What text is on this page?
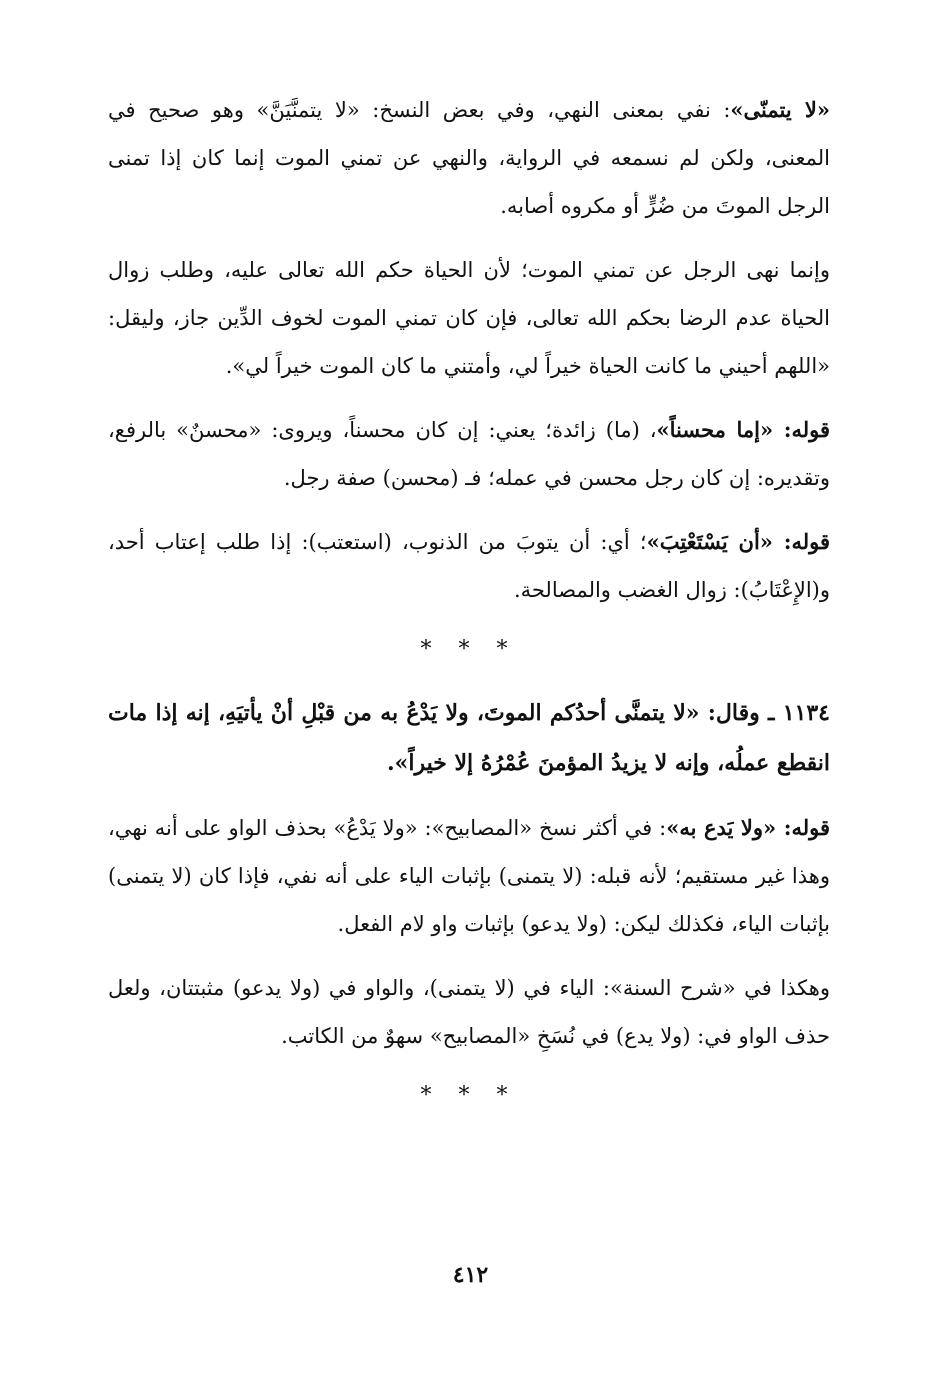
«لا يتمنّى»: نفي بمعنى النهي، وفي بعض النسخ: «لا يتمنَّيَنَّ» وهو صحيح في المعنى، ولكن لم نسمعه في الرواية، والنهي عن تمني الموت إنما كان إذا تمنى الرجل الموتَ من ضُرٍّ أو مكروه أصابه.

وإنما نهى الرجل عن تمني الموت؛ لأن الحياة حكم الله تعالى عليه، وطلب زوال الحياة عدم الرضا بحكم الله تعالى، فإن كان تمني الموت لخوف الدِّين جاز، وليقل: «اللهم أحيني ما كانت الحياة خيراً لي، وأمتني ما كان الموت خيراً لي».

قوله: «إما محسناً»، (ما) زائدة؛ يعني: إن كان محسناً، ويروى: «محسنٌ» بالرفع، وتقديره: إن كان رجل محسن في عمله؛ فـ (محسن) صفة رجل.

قوله: «أن يَسْتَعْتِبَ»؛ أي: أن يتوبَ من الذنوب، (استعتب): إذا طلب إعتاب أحد، و(الإِعْتَابُ): زوال الغضب والمصالحة.

* * *

١١٣٤ ـ وقال: «لا يتمنَّى أحدُكم الموتَ، ولا يَدْعُ به من قبْلِ أنْ يأتيَهِ، إنه إذا مات انقطع عملُه، وإنه لا يزيدُ المؤمنَ عُمْرُهُ إلا خيراً».

قوله: «ولا يَدع به»: في أكثر نسخ «المصابيح»: «ولا يَدْعُ» بحذف الواو على أنه نهي، وهذا غير مستقيم؛ لأنه قبله: (لا يتمنى) بإثبات الياء على أنه نفي، فإذا كان (لا يتمنى) بإثبات الياء، فكذلك ليكن: (ولا يدعو) بإثبات واو لام الفعل.

وهكذا في «شرح السنة»: الياء في (لا يتمنى)، والواو في (ولا يدعو) مثبتتان، ولعل حذف الواو في: (ولا يدع) في نُسَخِ «المصابيح» سهوٌ من الكاتب.

* * *
٤١٢
